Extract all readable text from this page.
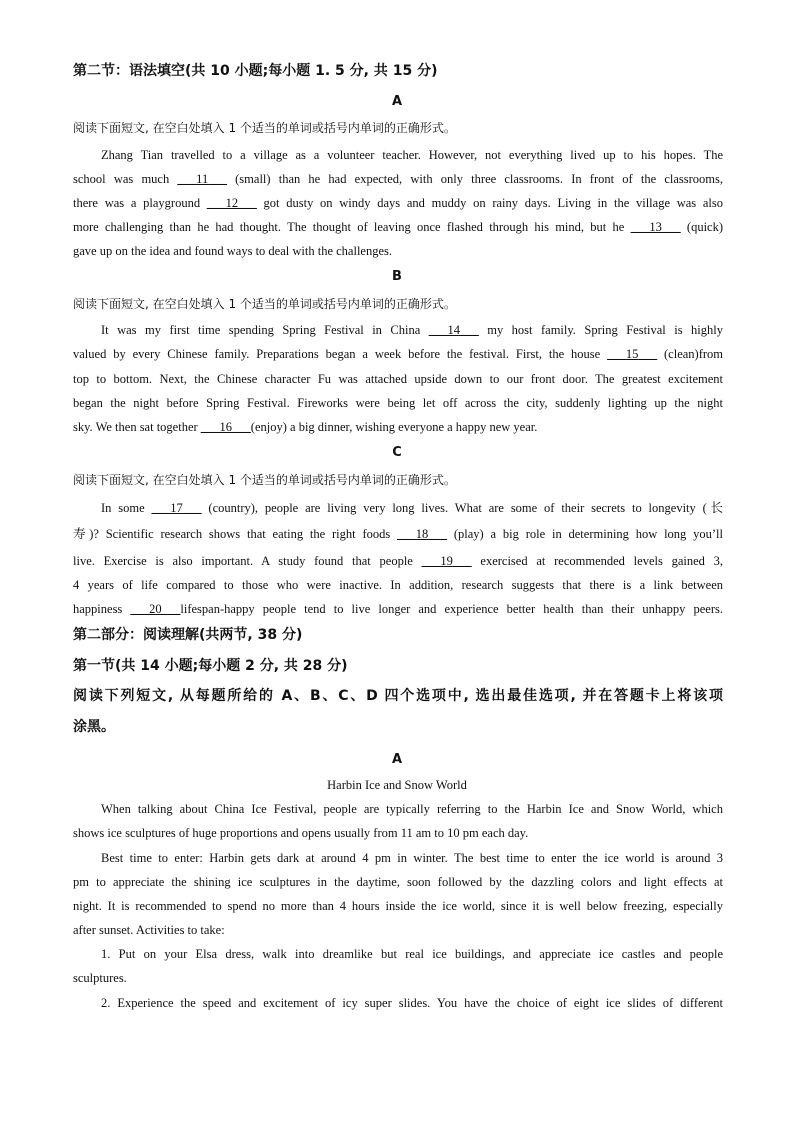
第二节：语法填空(共 10 小题;每小题 1. 5 分, 共 15 分)
A
阅读下面短文, 在空白处填入 1 个适当的单词或括号内单词的正确形式。
Zhang Tian travelled to a village as a volunteer teacher. However, not everything lived up to his hopes. The
school was much ___11___ (small) than he had expected, with only three classrooms. In front of the classrooms,
there was a playground ___12___ got dusty on windy days and muddy on rainy days. Living in the village was also
more challenging than he had thought. The thought of leaving once flashed through his mind, but he ___13___ (quick)
gave up on the idea and found ways to deal with the challenges.
B
阅读下面短文, 在空白处填入 1 个适当的单词或括号内单词的正确形式。
It was my first time spending Spring Festival in China ___14___ my host family. Spring Festival is highly
valued by every Chinese family. Preparations began a week before the festival. First, the house ___15___ (clean)from
top to bottom. Next, the Chinese character Fu was attached upside down to our front door. The greatest excitement
began the night before Spring Festival. Fireworks were being let off across the city, suddenly lighting up the night
sky. We then sat together ___16___(enjoy) a big dinner, wishing everyone a happy new year.
C
阅读下面短文, 在空白处填入 1 个适当的单词或括号内单词的正确形式。
In some ___17___ (country), people are living very long lives. What are some of their secrets to longevity (长
寿)? Scientific research shows that eating the right foods ___18___ (play) a big role in determining how long you’ll
live. Exercise is also important. A study found that people ___19___ exercised at recommended levels gained 3,
4 years of life compared to those who were inactive. In addition, research suggests that there is a link between
happiness ___20___lifespan-happy people tend to live longer and experience better health than their unhappy peers.
第二部分：阅读理解(共两节, 38 分)
第一节(共 14 小题;每小题 2 分, 共 28 分)
阅读下列短文, 从每题所给的 A、B、C、D 四个选项中, 选出最佳选项, 并在答题卡上将该项
涂黑。
A
Harbin Ice and Snow World
When talking about China Ice Festival, people are typically referring to the Harbin Ice and Snow World, which
shows ice sculptures of huge proportions and opens usually from 11 am to 10 pm each day.
Best time to enter: Harbin gets dark at around 4 pm in winter. The best time to enter the ice world is around 3
pm to appreciate the shining ice sculptures in the daytime, soon followed by the dazzling colors and light effects at
night. It is recommended to spend no more than 4 hours inside the ice world, since it is well below freezing, especially
after sunset. Activities to take:
1. Put on your Elsa dress, walk into dreamlike but real ice buildings, and appreciate ice castles and people
sculptures.
2. Experience the speed and excitement of icy super slides. You have the choice of eight ice slides of different
